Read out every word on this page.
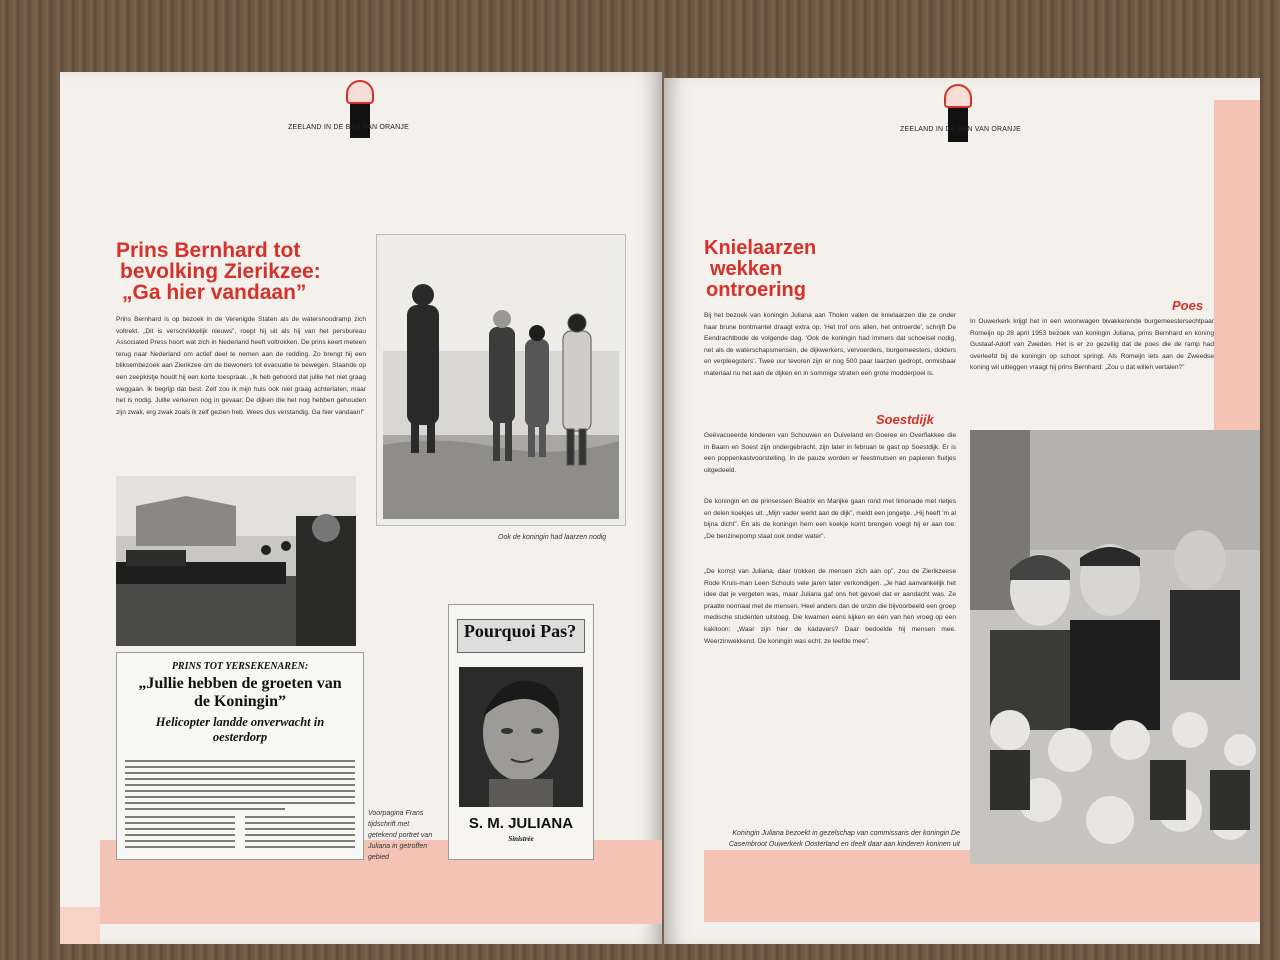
ZEELAND IN DE BAN VAN ORANJE
Prins Bernhard tot
bevolking Zierikzee:
„Ga hier vandaan”
Prins Bernhard is op bezoek in de Verenigde Staten als de watersnoodramp zich voltrekt. „Dit is verschrikkelijk nieuws”, roept hij uit als hij van het persbureau Associated Press hoort wat zich in Nederland heeft voltrokken. De prins keert meteen terug naar Nederland om actief deel te nemen aan de redding. Zo brengt hij een bliksembezoek aan Zierikzee om de bewoners tot evacuatie te bewegen. Staande op een zeepkistje houdt hij een korte toespraak. „Ik heb gehoord dat jullie het niet graag weggaan. Ik begrijp dat best. Zelf zou ik mijn huis ook niet graag achterlaten, maar het is nodig. Jullie verkeren nog in gevaar. De dijken die het nog hebben gehouden zijn zwak, erg zwak zoals ik zelf gezien heb. Wees dus verstandig. Ga hier vandaan!”
Ook de koningin had laarzen nodig
PRINS TOT YERSEKENAREN:
„Jullie hebben de groeten van de Koningin”
Helicopter landde onverwacht in oesterdorp
Voorpagina Frans tijdschrift met getekend portret van Juliana in getroffen gebied
Pourquoi Pas?
S. M. JULIANA
Sinistrée
ZEELAND IN DE BAN VAN ORANJE
Knielaarzen
wekken
ontroering
Bij het bezoek van koningin Juliana aan Tholen vallen de knielaarzen die ze onder haar brune bontmantel draagt extra op. 'Het trof ons allen, het ontroerde', schrijft De Eendrachtbode de volgende dag. 'Ook de koningin had immers dat schoeisel nodig, net als de waterschapsmensen, de dijkwerkers, vervoerders, burgemeesters, dokters en verpleegsters'. Twee uur tevoren zijn er nog 500 paar laarzen gedropt, onmisbaar materiaal nu het aan de dijken en in sommige straten een grote modderpoel is.
Soestdijk
Geëvacueerde kinderen van Schouwen en Duiveland en Goeree en Overflakkee die in Baarn en Soest zijn ondergebracht, zijn later in februari te gast op Soestdijk. Er is een poppenkastvoorstelling. In de pauze worden er feestmutsen en papieren fluitjes uitgedeeld.
De koningin en de prinsessen Beatrix en Marijke gaan rond met limonade met rietjes en delen koekjes uit. „Mijn vader werkt aan de dijk”, meldt een jongetje. „Hij heeft 'm al bijna dicht”. En als de koningin hem een koekje komt brengen voegt hij er aan toe: „De benzinepomp staat ook onder water”.
„De komst van Juliana, daar trokken de mensen zich aan op”, zou de Zierikzeese Rode Kruis-man Leen Schouls vele jaren later verkondigen. „Je had aanvankelijk het idee dat je vergeten was, maar Juliana gaf ons het gevoel dat er aandacht was. Ze praatte normaal met de mensen. Heel anders dan de onzin die bijvoorbeeld een groep medische studenten uitsloeg. Die kwamen eens kijken en één van hen vroeg op een kakitoon: „Waar zijn hier de kadavers? Daar bedoelde hij mensen mee. Weerzinwekkend. De koningin was echt, ze leefde mee”.
Poes
In Ouwerkerk krijgt het in een woonwagen bivakkerende burgemeestersechtpaar Romeijn op 28 april 1953 bezoek van koningin Juliana, prins Bernhard en koning Gustaaf-Adolf van Zweden. Het is er zo gezellig dat de poes die de ramp had overleefd bij de koningin op schoot springt. Als Romeijn iets aan de Zweedse koning wil uitleggen vraagt hij prins Bernhard: „Zou u dat willen vertalen?”
Koningin Juliana bezoekt in gezelschap van commissaris der koningin De Casembroot Ouwerkerk Oosterland en deelt daar aan kinderen koninen uit
